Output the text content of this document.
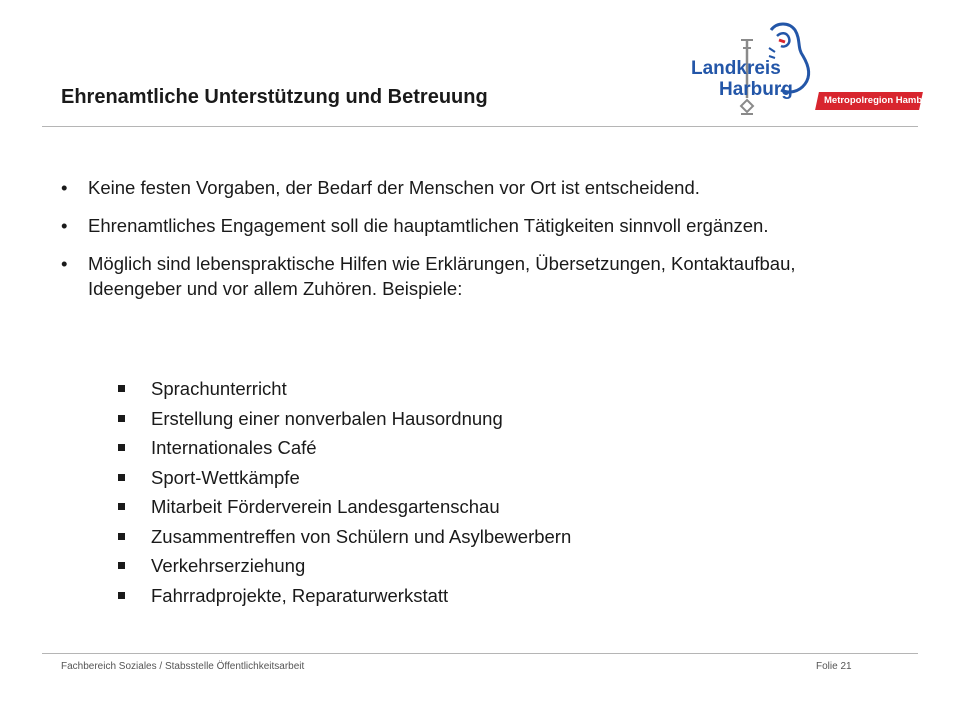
Landkreis
Harburg
Metropolregion Hamburg
Ehrenamtliche Unterstützung und Betreuung
• Keine festen Vorgaben, der Bedarf der Menschen vor Ort ist entscheidend.
• Ehrenamtliches Engagement soll die hauptamtlichen Tätigkeiten sinnvoll ergänzen.
• Möglich sind lebenspraktische Hilfen wie Erklärungen, Übersetzungen, Kontaktaufbau, Ideengeber und vor allem Zuhören. Beispiele:
Sprachunterricht
Erstellung einer nonverbalen Hausordnung
Internationales Café
Sport-Wettkämpfe
Mitarbeit Förderverein Landesgartenschau
Zusammentreffen von Schülern und Asylbewerbern
Verkehrserziehung
Fahrradprojekte, Reparaturwerkstatt
Fachbereich Soziales / Stabsstelle Öffentlichkeitsarbeit	Folie 21
